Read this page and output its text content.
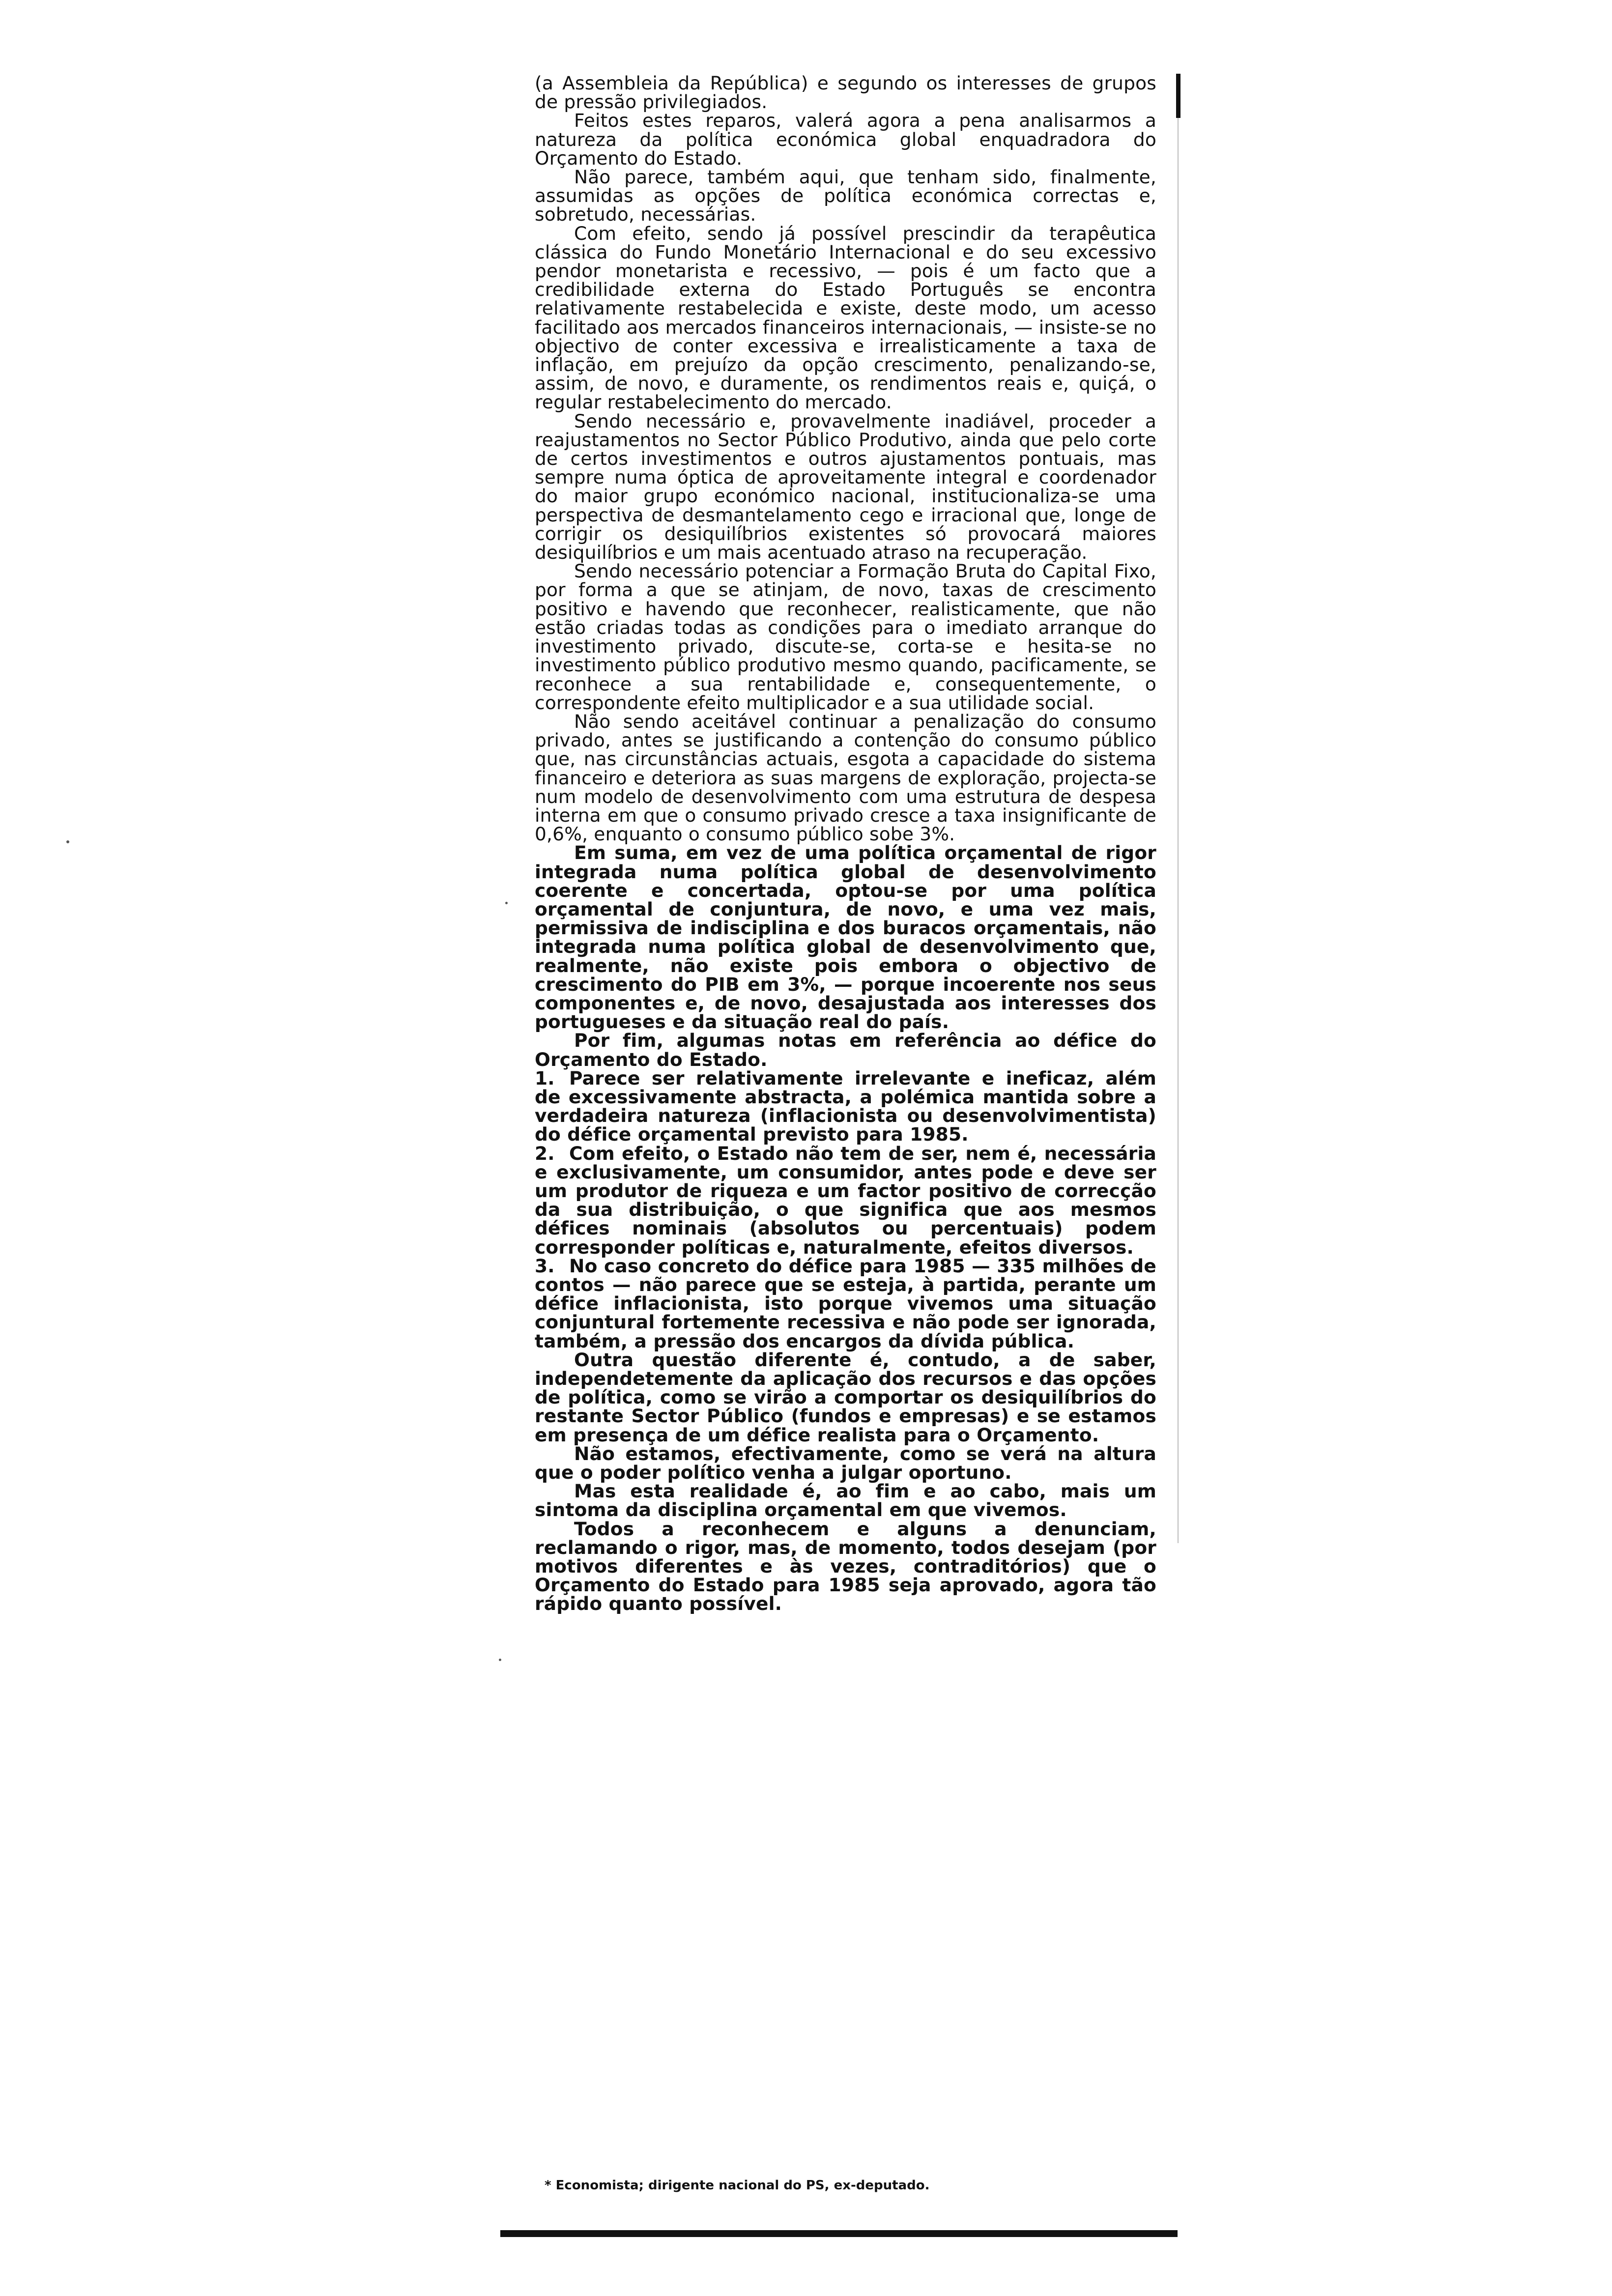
(a Assembleia da República) e segundo os interesses de grupos de pressão privilegiados.

Feitos estes reparos, valerá agora a pena analisarmos a natureza da política económica global enquadradora do Orçamento do Estado.

Não parece, também aqui, que tenham sido, finalmente, assumidas as opções de política económica correctas e, sobretudo, necessárias.

Com efeito, sendo já possível prescindir da terapêutica clássica do Fundo Monetário Internacional e do seu excessivo pendor monetarista e recessivo, — pois é um facto que a credibilidade externa do Estado Português se encontra relativamente restabelecida e existe, deste modo, um acesso facilitado aos mercados financeiros internacionais, — insiste-se no objectivo de conter excessiva e irrealisticamente a taxa de inflação, em prejuízo da opção crescimento, penalizando-se, assim, de novo, e duramente, os rendimentos reais e, quiçá, o regular restabelecimento do mercado.

Sendo necessário e, provavelmente inadiável, proceder a reajustamentos no Sector Público Produtivo, ainda que pelo corte de certos investimentos e outros ajustamentos pontuais, mas sempre numa óptica de aproveitamente integral e coordenador do maior grupo económico nacional, institucionaliza-se uma perspectiva de desmantelamento cego e irracional que, longe de corrigir os desiquilíbrios existentes só provocará maiores desiquilíbrios e um mais acentuado atraso na recuperação.

Sendo necessário potenciar a Formação Bruta do Capital Fixo, por forma a que se atinjam, de novo, taxas de crescimento positivo e havendo que reconhecer, realisticamente, que não estão criadas todas as condições para o imediato arranque do investimento privado, discute-se, corta-se e hesita-se no investimento público produtivo mesmo quando, pacificamente, se reconhece a sua rentabilidade e, consequentemente, o correspondente efeito multiplicador e a sua utilidade social.

Não sendo aceitável continuar a penalização do consumo privado, antes se justificando a contenção do consumo público que, nas circunstâncias actuais, esgota a capacidade do sistema financeiro e deteriora as suas margens de exploração, projecta-se num modelo de desenvolvimento com uma estrutura de despesa interna em que o consumo privado cresce a taxa insignificante de 0,6%, enquanto o consumo público sobe 3%.

Em suma, em vez de uma política orçamental de rigor integrada numa política global de desenvolvimento coerente e concertada, optou-se por uma política orçamental de conjuntura, de novo, e uma vez mais, permissiva de indisciplina e dos buracos orçamentais, não integrada numa política global de desenvolvimento que, realmente, não existe pois embora o objectivo de crescimento do PIB em 3%, — porque incoerente nos seus componentes e, de novo, desajustada aos interesses dos portugueses e da situação real do país.

Por fim, algumas notas em referência ao défice do Orçamento do Estado.

1. Parece ser relativamente irrelevante e ineficaz, além de excessivamente abstracta, a polémica mantida sobre a verdadeira natureza (inflacionista ou desenvolvimentista) do défice orçamental previsto para 1985.

2. Com efeito, o Estado não tem de ser, nem é, necessária e exclusivamente, um consumidor, antes pode e deve ser um produtor de riqueza e um factor positivo de correcção da sua distribuição, o que significa que aos mesmos défices nominais (absolutos ou percentuais) podem corresponder políticas e, naturalmente, efeitos diversos.

3. No caso concreto do défice para 1985 — 335 milhões de contos — não parece que se esteja, à partida, perante um défice inflacionista, isto porque vivemos uma situação conjuntural fortemente recessiva e não pode ser ignorada, também, a pressão dos encargos da dívida pública.

Outra questão diferente é, contudo, a de saber, independetemente da aplicação dos recursos e das opções de política, como se virão a comportar os desiquilíbrios do restante Sector Público (fundos e empresas) e se estamos em presença de um défice realista para o Orçamento.

Não estamos, efectivamente, como se verá na altura que o poder político venha a julgar oportuno.

Mas esta realidade é, ao fim e ao cabo, mais um sintoma da disciplina orçamental em que vivemos.

Todos a reconhecem e alguns a denunciam, reclamando o rigor, mas, de momento, todos desejam (por motivos diferentes e às vezes, contraditórios) que o Orçamento do Estado para 1985 seja aprovado, agora tão rápido quanto possível.

* Economista; dirigente nacional do PS, ex-deputado.
